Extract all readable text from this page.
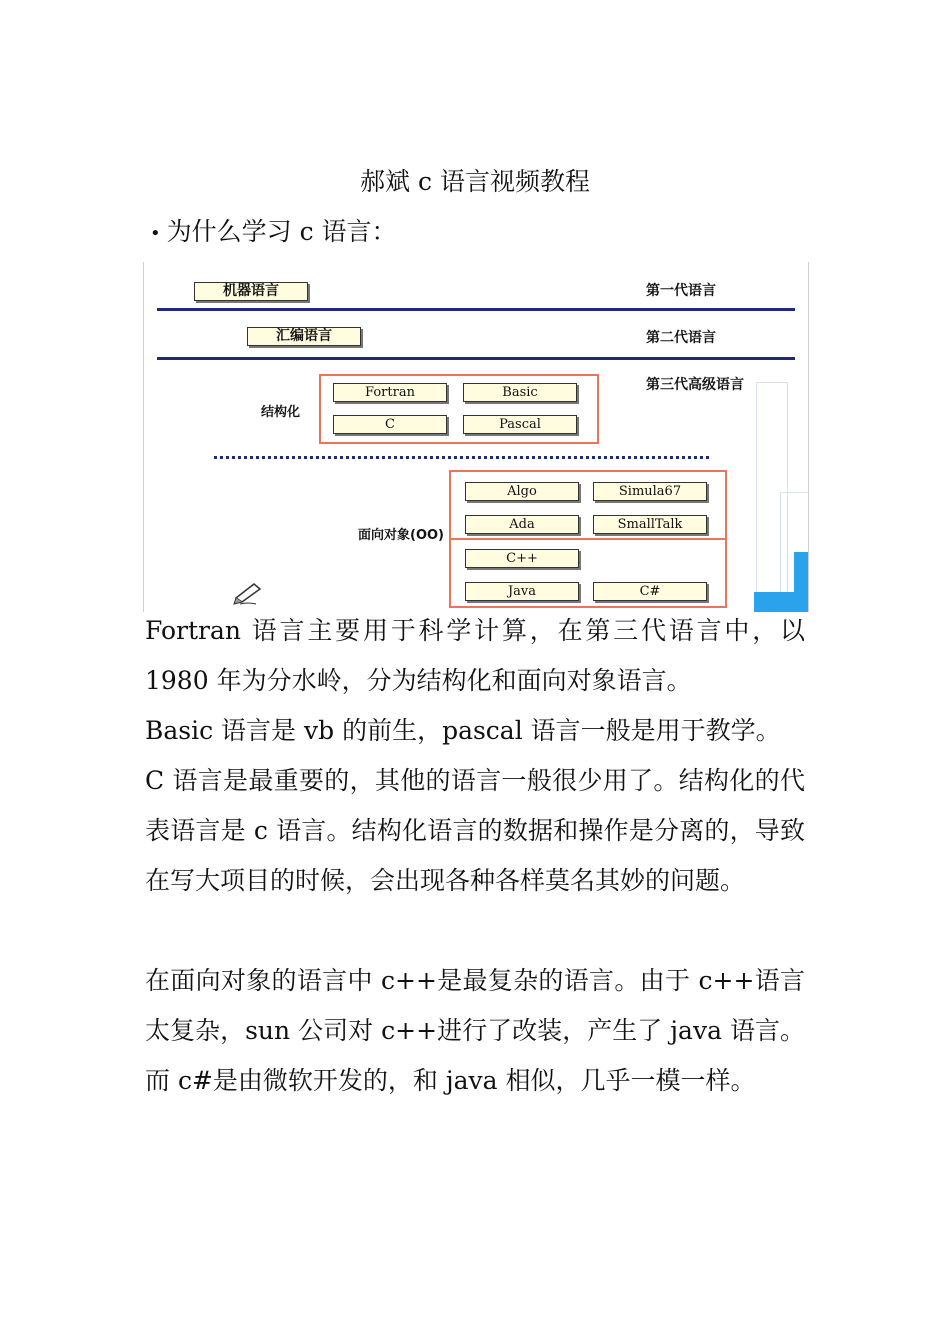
郝斌 c 语言视频教程
• 为什么学习 c 语言：
机器语言	第一代语言
汇编语言	第二代语言
第三代高级语言
结构化
Fortran	Basic
C	Pascal
面向对象(OO)
Algo	Simula67
Ada	SmallTalk
C++
Java	C#

Fortran 语言主要用于科学计算，在第三代语言中，以 1980 年为分水岭，分为结构化和面向对象语言。

Basic 语言是 vb 的前生，pascal 语言一般是用于教学。

C 语言是最重要的，其他的语言一般很少用了。结构化的代表语言是 c 语言。结构化语言的数据和操作是分离的，导致在写大项目的时候，会出现各种各样莫名其妙的问题。

在面向对象的语言中 c++是最复杂的语言。由于 c++语言太复杂，sun 公司对 c++进行了改装，产生了 java 语言。而 c#是由微软开发的，和 java 相似，几乎一模一样。
